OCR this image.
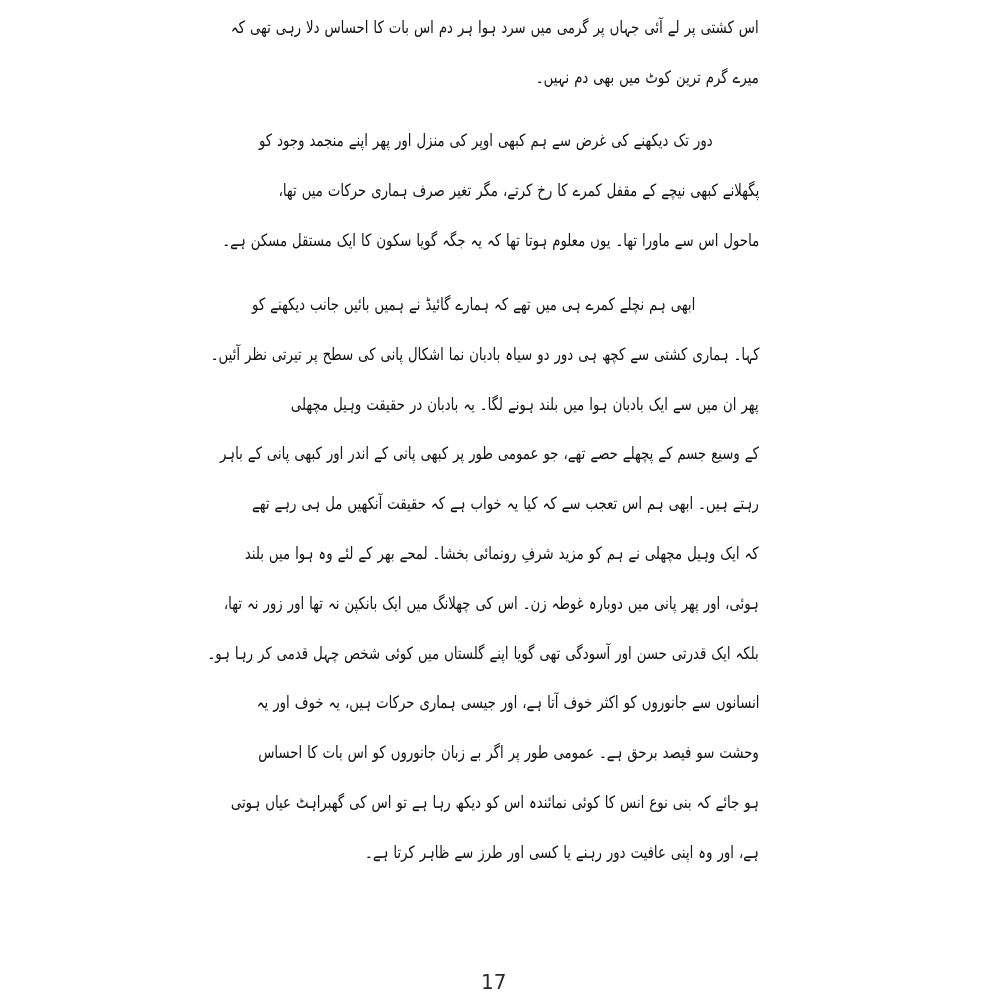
اس کشتی پر لے آئی جہاں پر گرمی میں سرد ہوا ہر دم اس بات کا احساس دلا رہی تھی کہ
میرے گرم ترین کوٹ میں بھی دم نہیں۔
دور تک دیکھنے کی غرض سے ہم کبھی اوپر کی منزل اور پھر اپنے منجمد وجود کو
پگھلانے کبھی نیچے کے مقفل کمرے کا رخ کرتے، مگر تغیر صرف ہماری حرکات میں تھا،
ماحول اس سے ماورا تھا۔ یوں معلوم ہوتا تھا کہ یہ جگہ گویا سکون کا ایک مستقل مسکن ہے۔
ابھی ہم نچلے کمرے ہی میں تھے کہ ہمارے گائیڈ نے ہمیں بائیں جانب دیکھنے کو
کہا۔ ہماری کشتی سے کچھ ہی دور دو سیاہ بادبان نما اشکال پانی کی سطح پر تیرتی نظر آئیں۔
پھر ان میں سے ایک بادبان ہوا میں بلند ہونے لگا۔ یہ بادبان در حقیقت وہیل مچھلی
کے وسیع جسم کے پچھلے حصے تھے، جو عمومی طور پر کبھی پانی کے اندر اور کبھی پانی کے باہر
رہتے ہیں۔ ابھی ہم اس تعجب سے کہ کیا یہ خواب ہے کہ حقیقت آنکھیں مل ہی رہے تھے
کہ ایک وہیل مچھلی نے ہم کو مزید شرفِ رونمائی بخشا۔ لمحے بھر کے لئے وہ ہوا میں بلند
ہوئی، اور پھر پانی میں دوبارہ غوطہ زن۔ اس کی چھلانگ میں ایک بانکپن نہ تھا اور زور نہ تھا،
بلکہ ایک قدرتی حسن اور آسودگی تھی گویا اپنے گلستاں میں کوئی شخص چہل قدمی کر رہا ہو۔
انسانوں سے جانوروں کو اکثر خوف آتا ہے، اور جیسی ہماری حرکات ہیں، یہ خوف اور یہ
وحشت سو فیصد برحق ہے۔ عمومی طور پر اگر بے زبان جانوروں کو اس بات کا احساس
ہو جائے کہ بنی نوع انس کا کوئی نمائندہ اس کو دیکھ رہا ہے تو اس کی گھبراہٹ عیاں ہوتی
ہے، اور وہ اپنی عافیت دور رہنے یا کسی اور طرز سے ظاہر کرتا ہے۔
17
